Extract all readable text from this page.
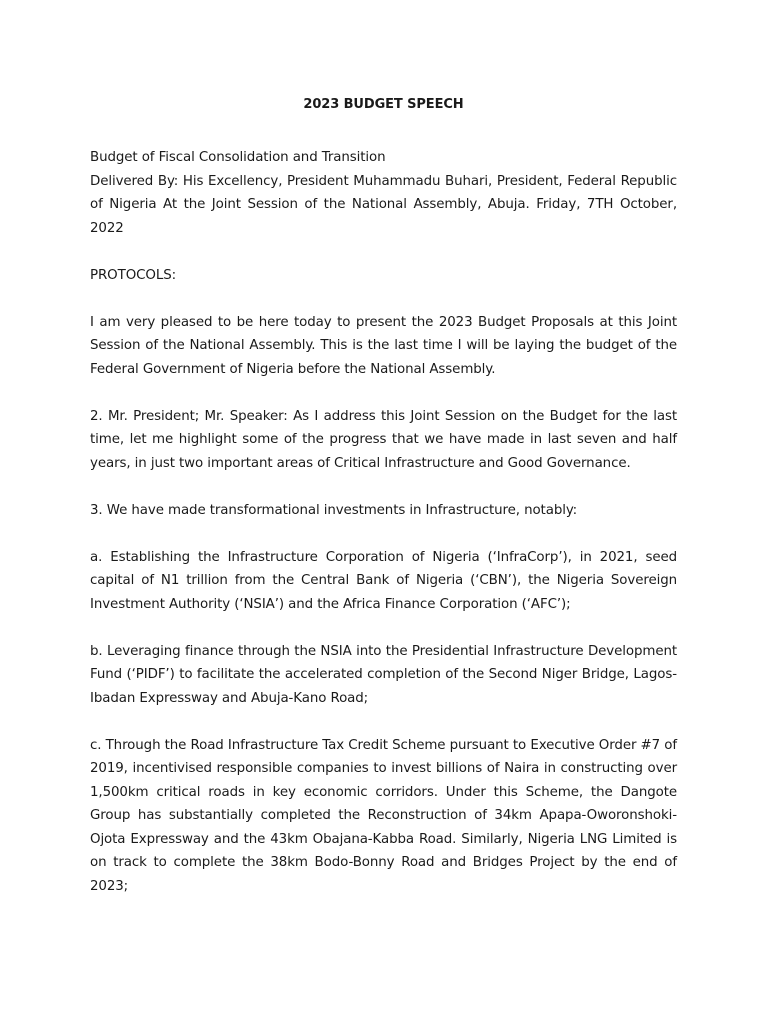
2023 BUDGET SPEECH

Budget of Fiscal Consolidation and Transition

Delivered By: His Excellency, President Muhammadu Buhari, President, Federal Republic of Nigeria At the Joint Session of the National Assembly, Abuja. Friday, 7TH October, 2022

PROTOCOLS:

I am very pleased to be here today to present the 2023 Budget Proposals at this Joint Session of the National Assembly. This is the last time I will be laying the budget of the Federal Government of Nigeria before the National Assembly.

2. Mr. President; Mr. Speaker: As I address this Joint Session on the Budget for the last time, let me highlight some of the progress that we have made in last seven and half years, in just two important areas of Critical Infrastructure and Good Governance.

3. We have made transformational investments in Infrastructure, notably:

a. Establishing the Infrastructure Corporation of Nigeria (‘InfraCorp’), in 2021, seed capital of N1 trillion from the Central Bank of Nigeria (‘CBN’), the Nigeria Sovereign Investment Authority (‘NSIA’) and the Africa Finance Corporation (‘AFC’);

b. Leveraging finance through the NSIA into the Presidential Infrastructure Development Fund (‘PIDF’) to facilitate the accelerated completion of the Second Niger Bridge, Lagos-Ibadan Expressway and Abuja-Kano Road;

c. Through the Road Infrastructure Tax Credit Scheme pursuant to Executive Order #7 of 2019, incentivised responsible companies to invest billions of Naira in constructing over 1,500km critical roads in key economic corridors. Under this Scheme, the Dangote Group has substantially completed the Reconstruction of 34km Apapa-Oworonshoki-Ojota Expressway and the 43km Obajana-Kabba Road. Similarly, Nigeria LNG Limited is on track to complete the 38km Bodo-Bonny Road and Bridges Project by the end of 2023;
